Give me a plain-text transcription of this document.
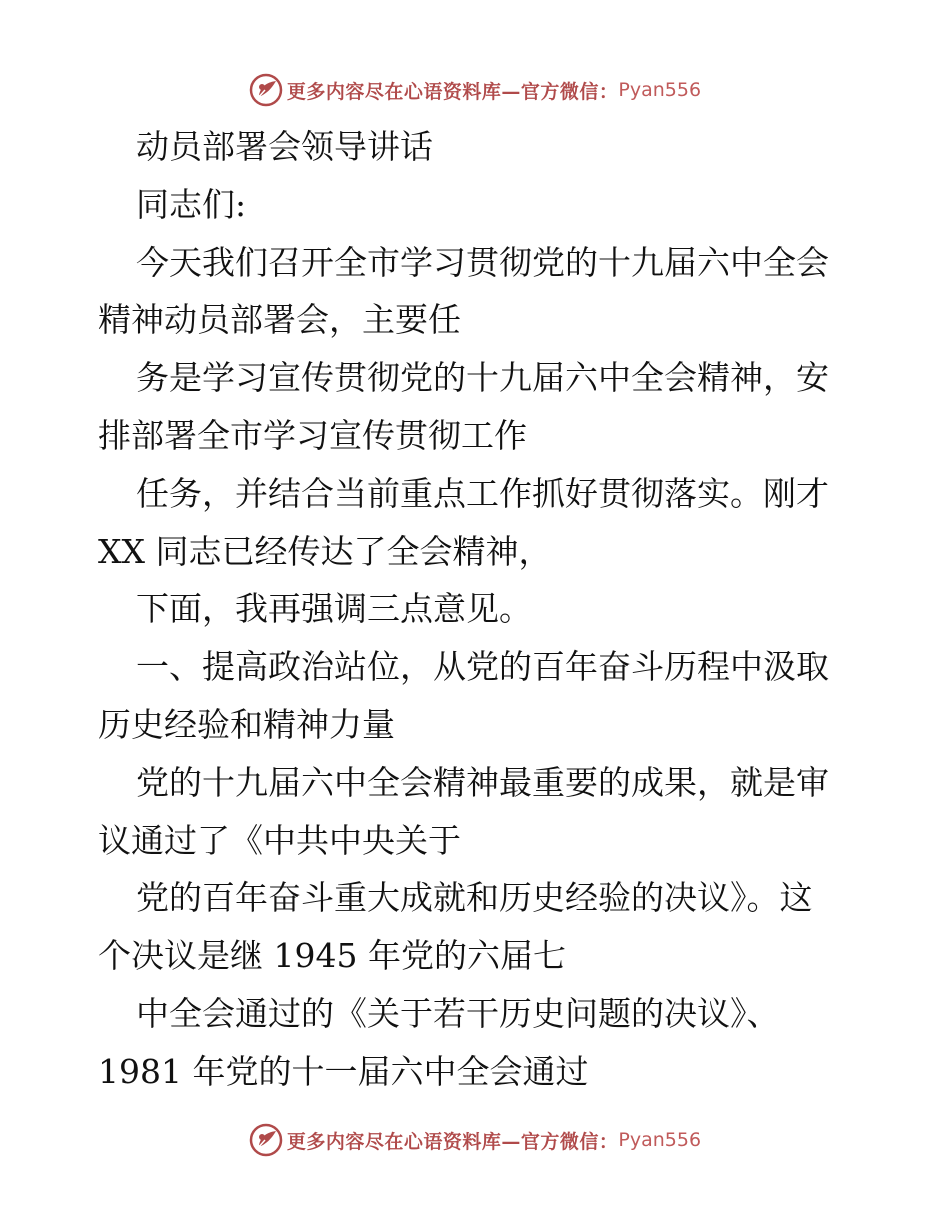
更多内容尽在心语资料库—官方微信： Pyan556
动员部署会领导讲话
同志们:
今天我们召开全市学习贯彻党的十九届六中全会
精神动员部署会，主要任
务是学习宣传贯彻党的十九届六中全会精神，安
排部署全市学习宣传贯彻工作
任务，并结合当前重点工作抓好贯彻落实。刚才
XX 同志已经传达了全会精神，
下面，我再强调三点意见。
一、提高政治站位，从党的百年奋斗历程中汲取
历史经验和精神力量
党的十九届六中全会精神最重要的成果，就是审
议通过了《中共中央关于
党的百年奋斗重大成就和历史经验的决议》。这
个决议是继 1945 年党的六届七
中全会通过的《关于若干历史问题的决议》、
1981 年党的十一届六中全会通过
更多内容尽在心语资料库—官方微信： Pyan556
